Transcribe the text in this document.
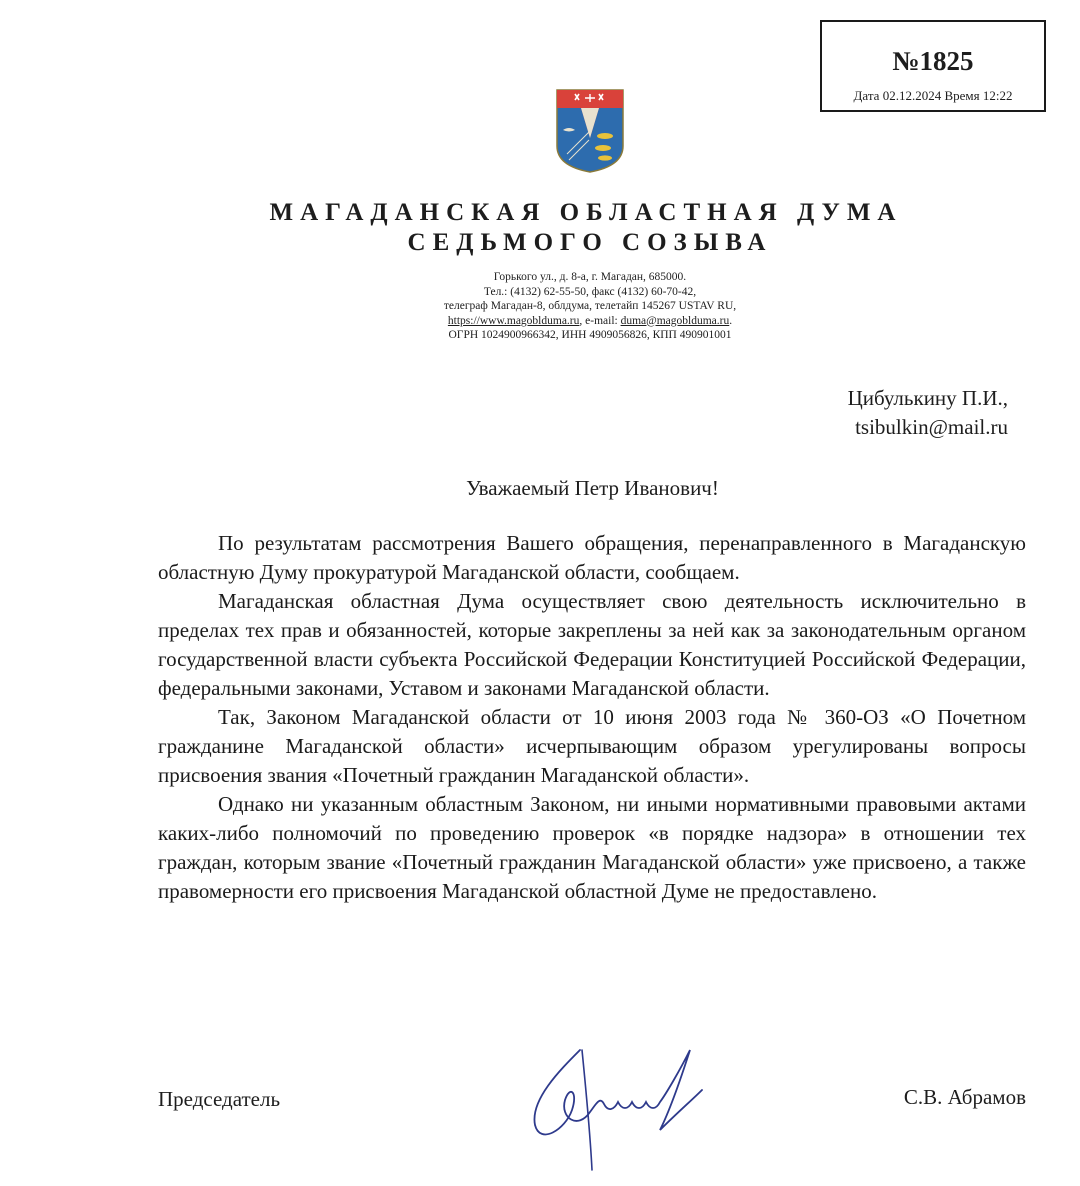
№1825
Дата 02.12.2024 Время 12:22
МАГАДАНСКАЯ ОБЛАСТНАЯ ДУМА
СЕДЬМОГО СОЗЫВА
Горького ул., д. 8-а, г. Магадан, 685000.
Тел.: (4132) 62-55-50, факс (4132) 60-70-42,
телеграф Магадан-8, облдума, телетайп 145267 USTAV RU,
https://www.magoblduma.ru, e-mail: duma@magoblduma.ru.
ОГРН 1024900966342, ИНН 4909056826, КПП 490901001
Цибулькину П.И.,
tsibulkin@mail.ru
Уважаемый Петр Иванович!

По результатам рассмотрения Вашего обращения, перенаправленного в Магаданскую областную Думу прокуратурой Магаданской области, сообщаем.

Магаданская областная Дума осуществляет свою деятельность исключительно в пределах тех прав и обязанностей, которые закреплены за ней как за законодательным органом государственной власти субъекта Российской Федерации Конституцией Российской Федерации, федеральными законами, Уставом и законами Магаданской области.

Так, Законом Магаданской области от 10 июня 2003 года № 360-ОЗ «О Почетном гражданине Магаданской области» исчерпывающим образом урегулированы вопросы присвоения звания «Почетный гражданин Магаданской области».

Однако ни указанным областным Законом, ни иными нормативными правовыми актами каких-либо полномочий по проведению проверок «в порядке надзора» в отношении тех граждан, которым звание «Почетный гражданин Магаданской области» уже присвоено, а также правомерности его присвоения Магаданской областной Думе не предоставлено.

Председатель	С.В. Абрамов
